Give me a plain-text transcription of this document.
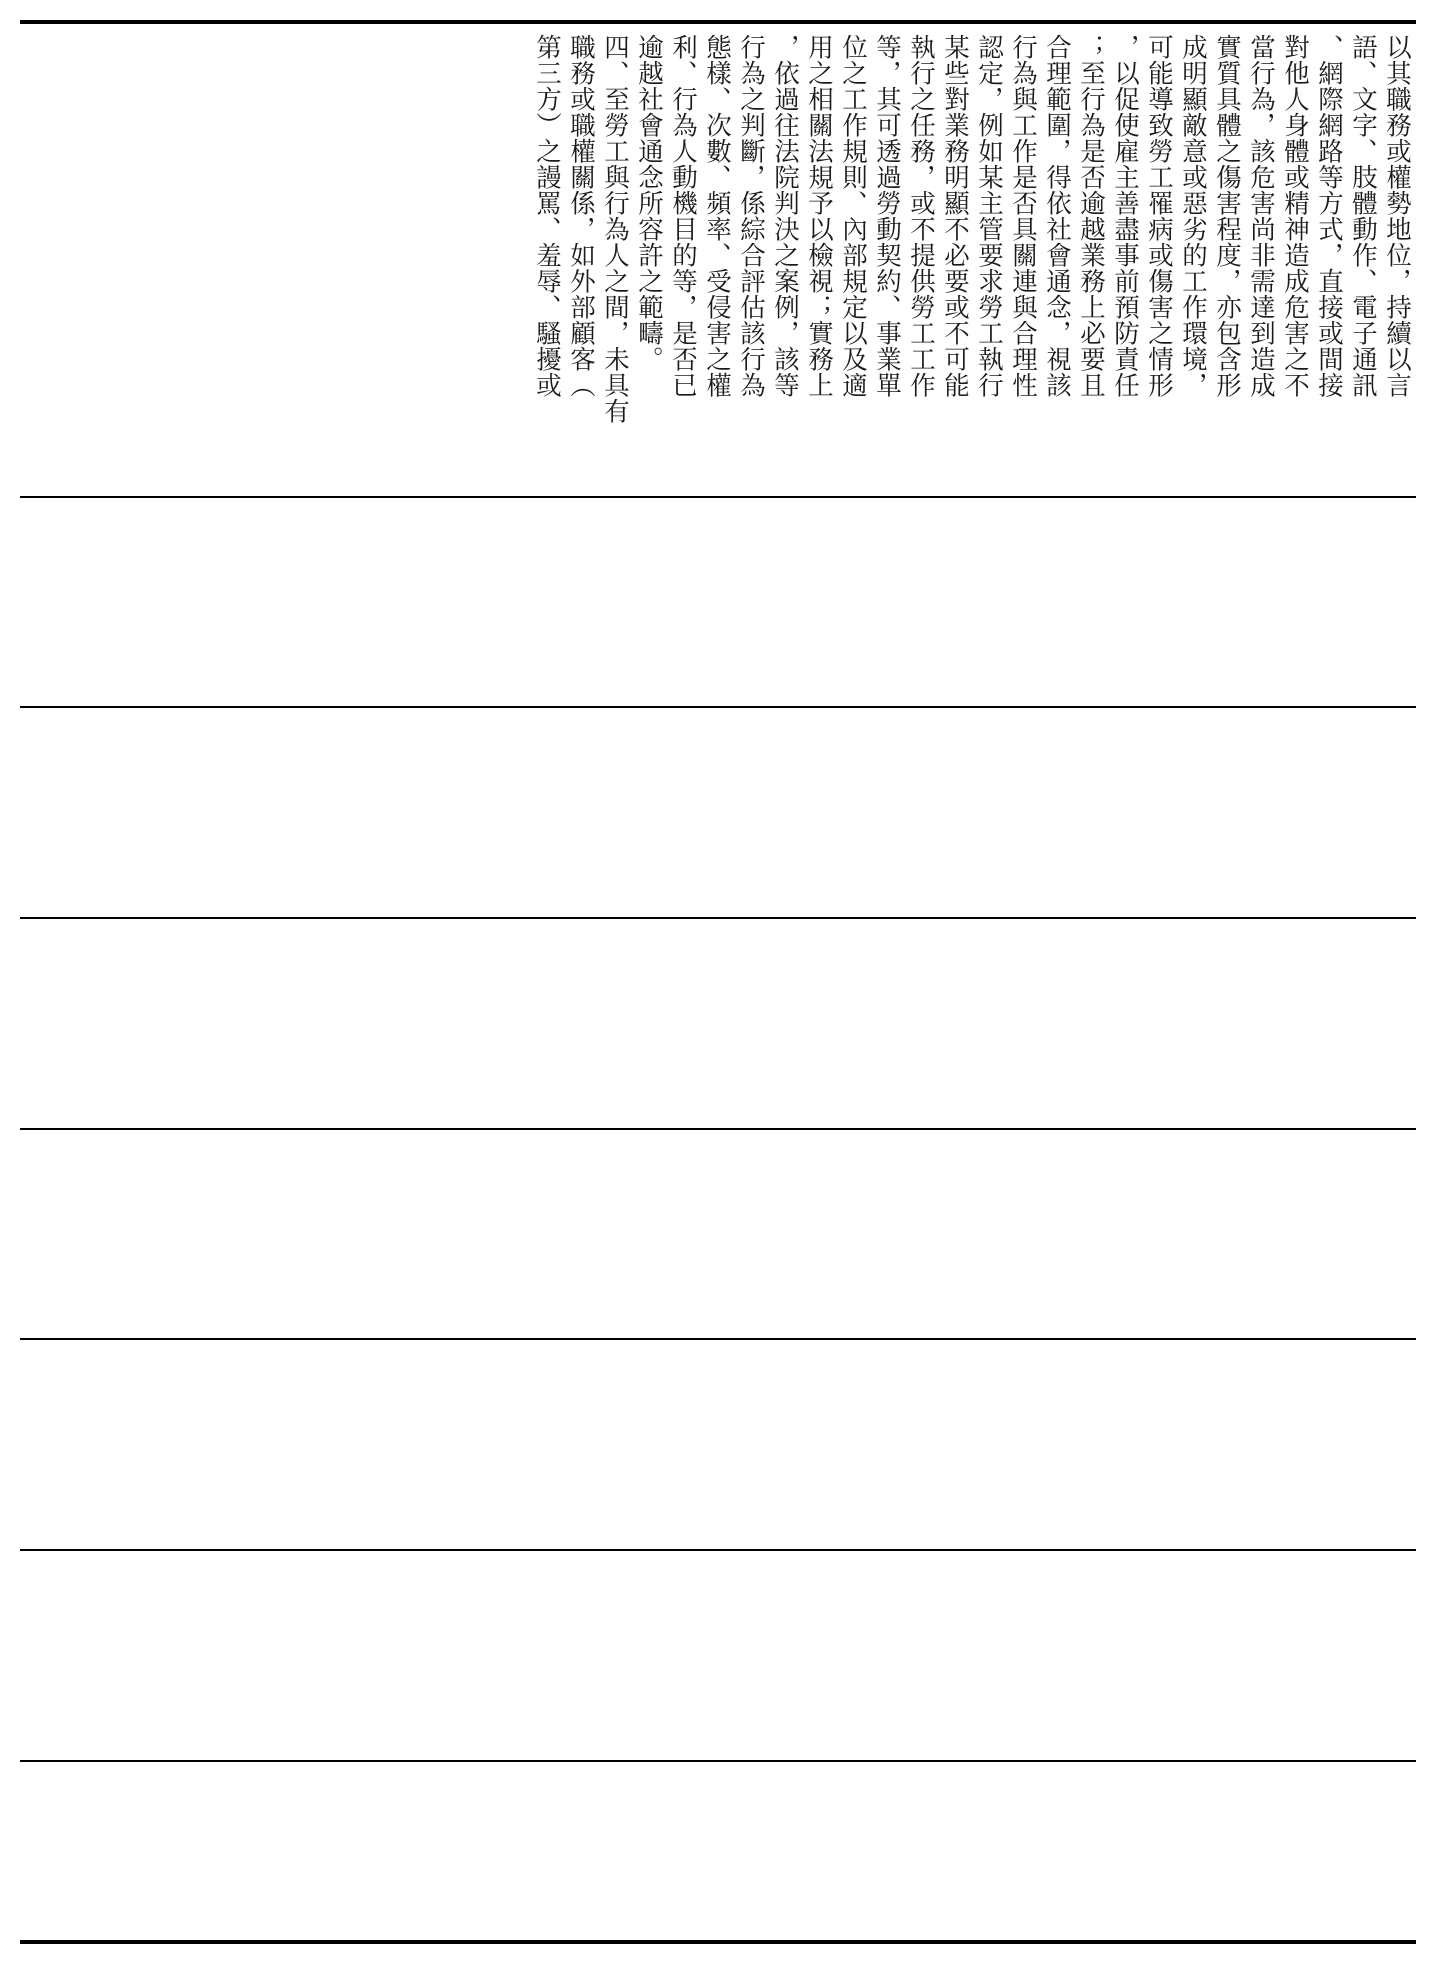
以其職務或權勢地位，持續以言
語、文字、肢體動作、電子通訊
、網際網路等方式，直接或間接
對他人身體或精神造成危害之不
當行為，該危害尚非需達到造成
實質具體之傷害程度，亦包含形
成明顯敵意或惡劣的工作環境，
可能導致勞工罹病或傷害之情形
，以促使雇主善盡事前預防責任
；至行為是否逾越業務上必要且
合理範圍，得依社會通念，視該
行為與工作是否具關連與合理性
認定，例如某主管要求勞工執行
某些對業務明顯不必要或不可能
執行之任務，或不提供勞工工作
等，其可透過勞動契約、事業單
位之工作規則、內部規定以及適
用之相關法規予以檢視；實務上
，依過往法院判決之案例，該等
行為之判斷，係綜合評估該行為
態樣、次數、頻率、受侵害之權
利、行為人動機目的等，是否已
逾越社會通念所容許之範疇。
四、至勞工與行為人之間，未具有
職務或職權關係，如外部顧客（
第三方）之謾罵、羞辱、騷擾或
